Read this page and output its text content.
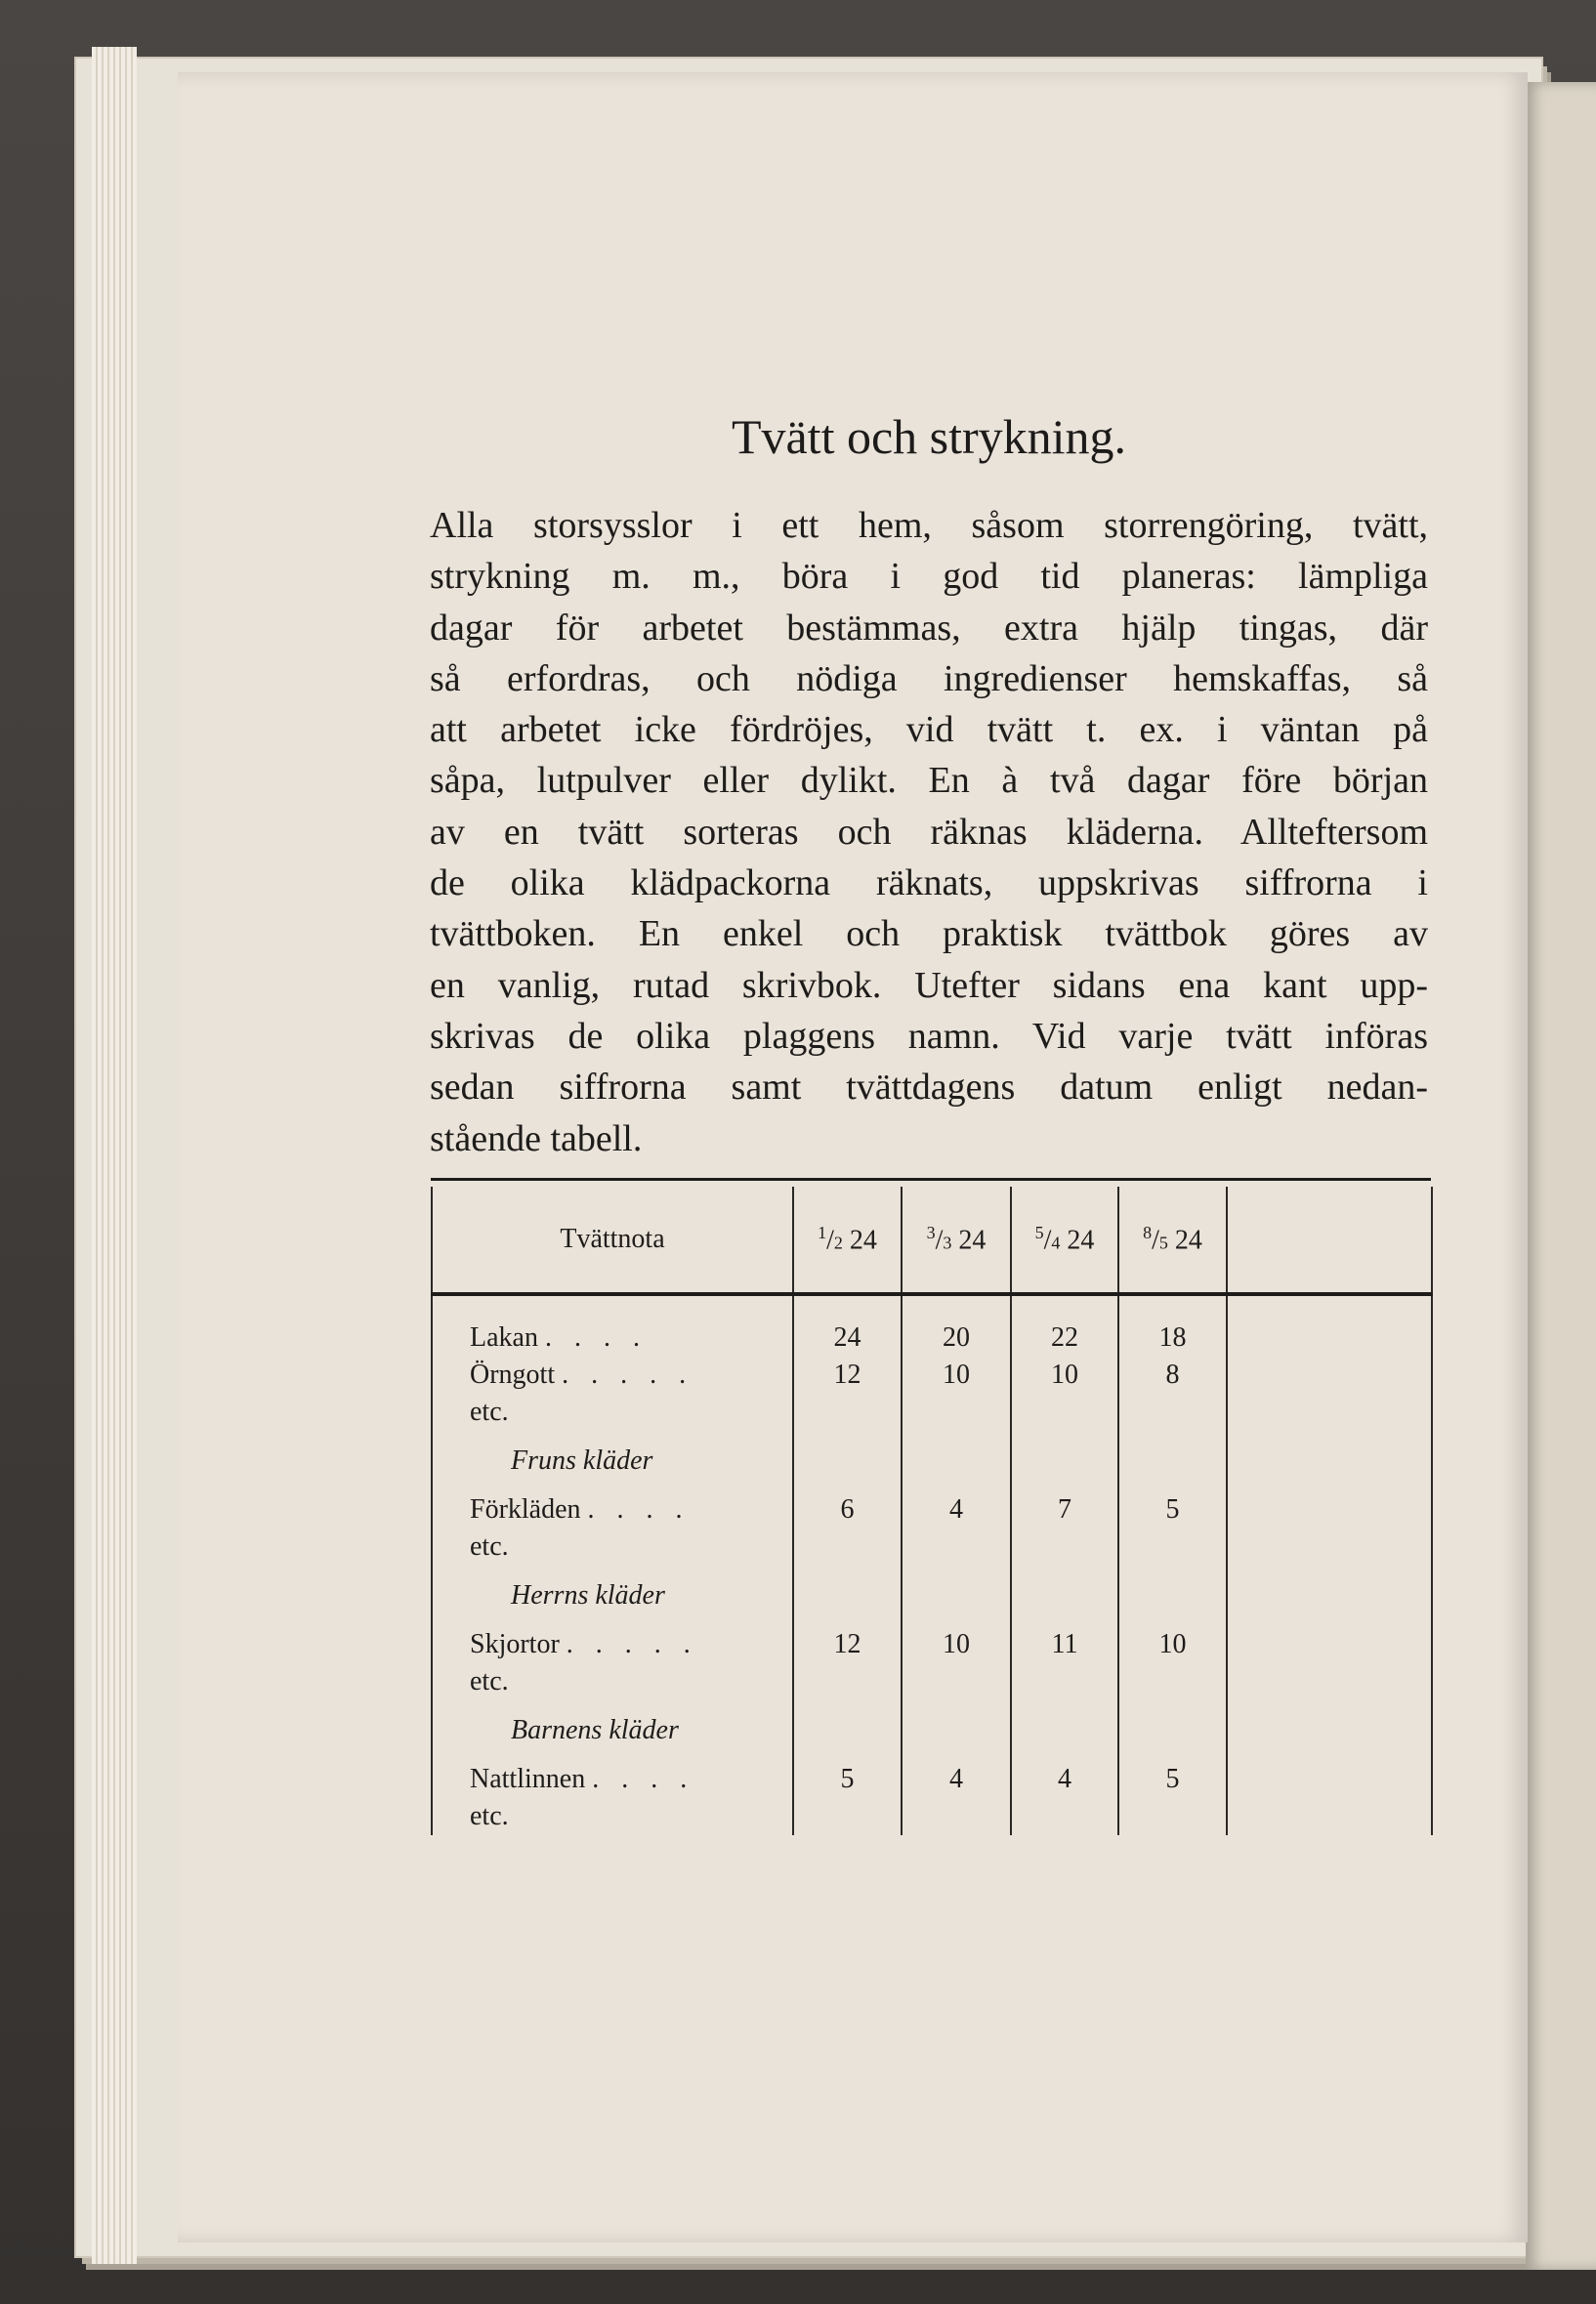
Tvätt och strykning.

Alla storsysslor i ett hem, såsom storrengöring, tvätt,
strykning m. m., böra i god tid planeras: lämpliga
dagar för arbetet bestämmas, extra hjälp tingas, där
så erfordras, och nödiga ingredienser hemskaffas, så
att arbetet icke fördröjes, vid tvätt t. ex. i väntan på
såpa, lutpulver eller dylikt. En à två dagar före början
av en tvätt sorteras och räknas kläderna. Allteftersom
de olika klädpackorna räknats, uppskrivas siffrorna i
tvättboken. En enkel och praktisk tvättbok göres av
en vanlig, rutad skrivbok. Utefter sidans ena kant upp-
skrivas de olika plaggens namn. Vid varje tvätt införas
sedan siffrorna samt tvättdagens datum enligt nedan-
stående tabell.

Tvättnota	$^1$/2 24	$^3$/3 24	$^5$/4 24	$^8$/5 24	
Lakan . . . .	24	20	22	18	
Örngott . . . . .	12	10	10	8	
etc.					
Fruns kläder					
Förkläden . . . .	6	4	7	5	
etc.					
Herrns kläder					
Skjortor . . . . .	12	10	11	10	
etc.					
Barnens kläder					
Nattlinnen . . . .	5	4	4	5	
etc.					
